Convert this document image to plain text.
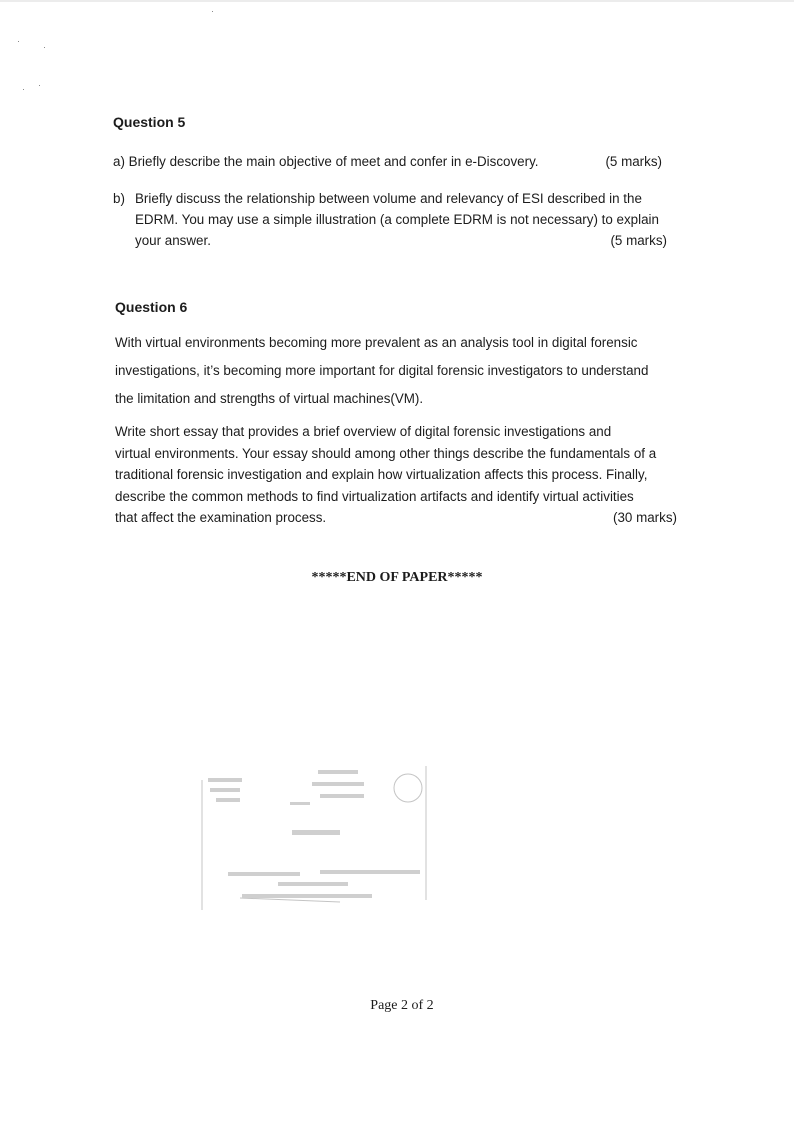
·
·
· ·
·
Question 5
a) Briefly describe the main objective of meet and confer in e-Discovery.	(5 marks)
b) Briefly discuss the relationship between volume and relevancy of ESI described in the
EDRM. You may use a simple illustration (a complete EDRM is not necessary) to explain
your answer.	(5 marks)
Question 6
With virtual environments becoming more prevalent as an analysis tool in digital forensic
investigations, it’s becoming more important for digital forensic investigators to understand
the limitation and strengths of virtual machines(VM).
Write short essay that provides a brief overview of digital forensic investigations and
virtual environments. Your essay should among other things describe the fundamentals of a
traditional forensic investigation and explain how virtualization affects this process. Finally,
describe the common methods to find virtualization artifacts and identify virtual activities
that affect the examination process.	(30 marks)
*****END OF PAPER*****
Page 2 of 2
